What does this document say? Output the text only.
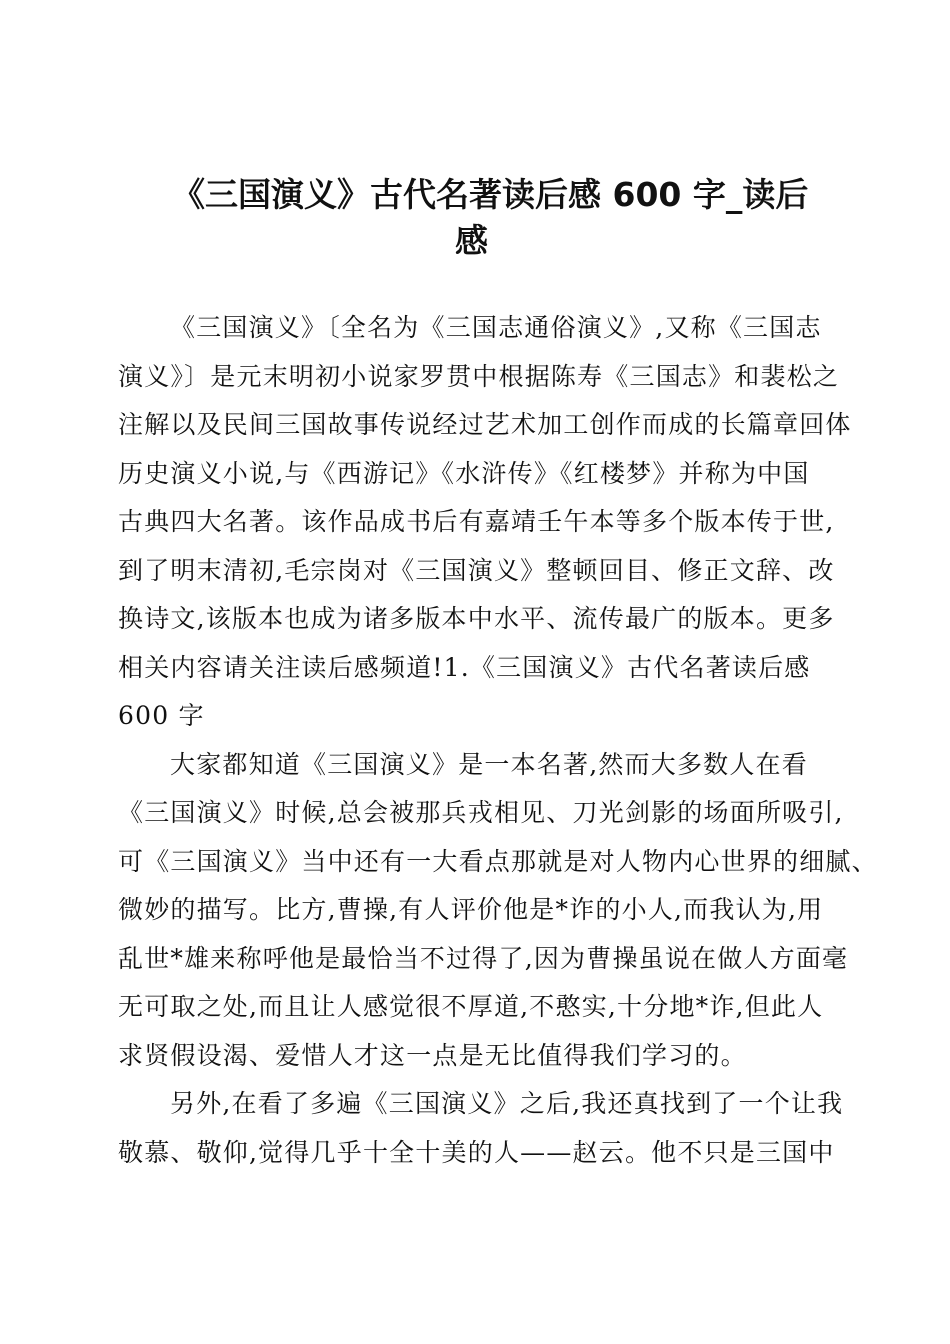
《三国演义》古代名著读后感 600 字_读后
感
《三国演义》〔全名为《三国志通俗演义》,又称《三国志
演义》〕是元末明初小说家罗贯中根据陈寿《三国志》和裴松之
注解以及民间三国故事传说经过艺术加工创作而成的长篇章回体
历史演义小说,与《西游记》《水浒传》《红楼梦》并称为中国
古典四大名著。该作品成书后有嘉靖壬午本等多个版本传于世,
到了明末清初,毛宗岗对《三国演义》整顿回目、修正文辞、改
换诗文,该版本也成为诸多版本中水平、流传最广的版本。更多
相关内容请关注读后感频道!1.《三国演义》古代名著读后感
600 字
大家都知道《三国演义》是一本名著,然而大多数人在看
《三国演义》时候,总会被那兵戎相见、刀光剑影的场面所吸引,
可《三国演义》当中还有一大看点那就是对人物内心世界的细腻、
微妙的描写。比方,曹操,有人评价他是*诈的小人,而我认为,用
乱世*雄来称呼他是最恰当不过得了,因为曹操虽说在做人方面毫
无可取之处,而且让人感觉很不厚道,不憨实,十分地*诈,但此人
求贤假设渴、爱惜人才这一点是无比值得我们学习的。
另外,在看了多遍《三国演义》之后,我还真找到了一个让我
敬慕、敬仰,觉得几乎十全十美的人——赵云。他不只是三国中
